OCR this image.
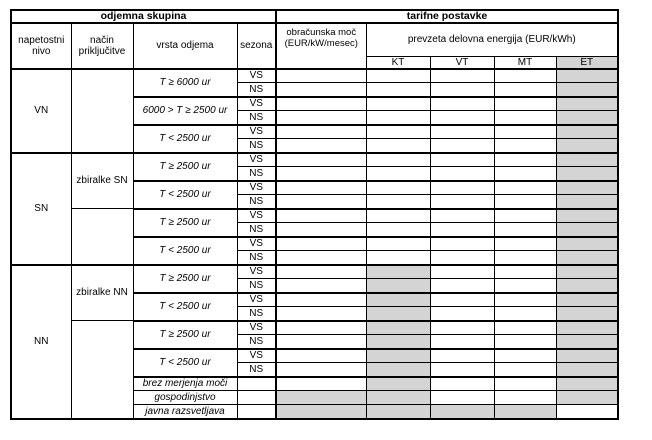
odjemna skupina				tarifne postavke				
napetostni nivo	način priključitve	vrsta odjema	sezona	obračunska moč (EUR/kW/mesec)	prevzeta delovna energija (EUR/kWh)			
					KT	VT	MT	ET
VN		T ≥ 6000 ur	VS					
			NS					
		6000 > T ≥ 2500 ur	VS					
			NS					
		T < 2500 ur	VS					
			NS					
SN	zbiralke SN	T ≥ 2500 ur	VS					
			NS					
		T < 2500 ur	VS					
			NS					
		T ≥ 2500 ur	VS					
			NS					
		T < 2500 ur	VS					
			NS					
NN	zbiralke NN	T ≥ 2500 ur	VS					
			NS					
		T < 2500 ur	VS					
			NS					
		T ≥ 2500 ur	VS					
			NS					
		T < 2500 ur	VS					
			NS					
		brez merjenja moči						
		gospodinjstvo						
		javna razsvetljava						
